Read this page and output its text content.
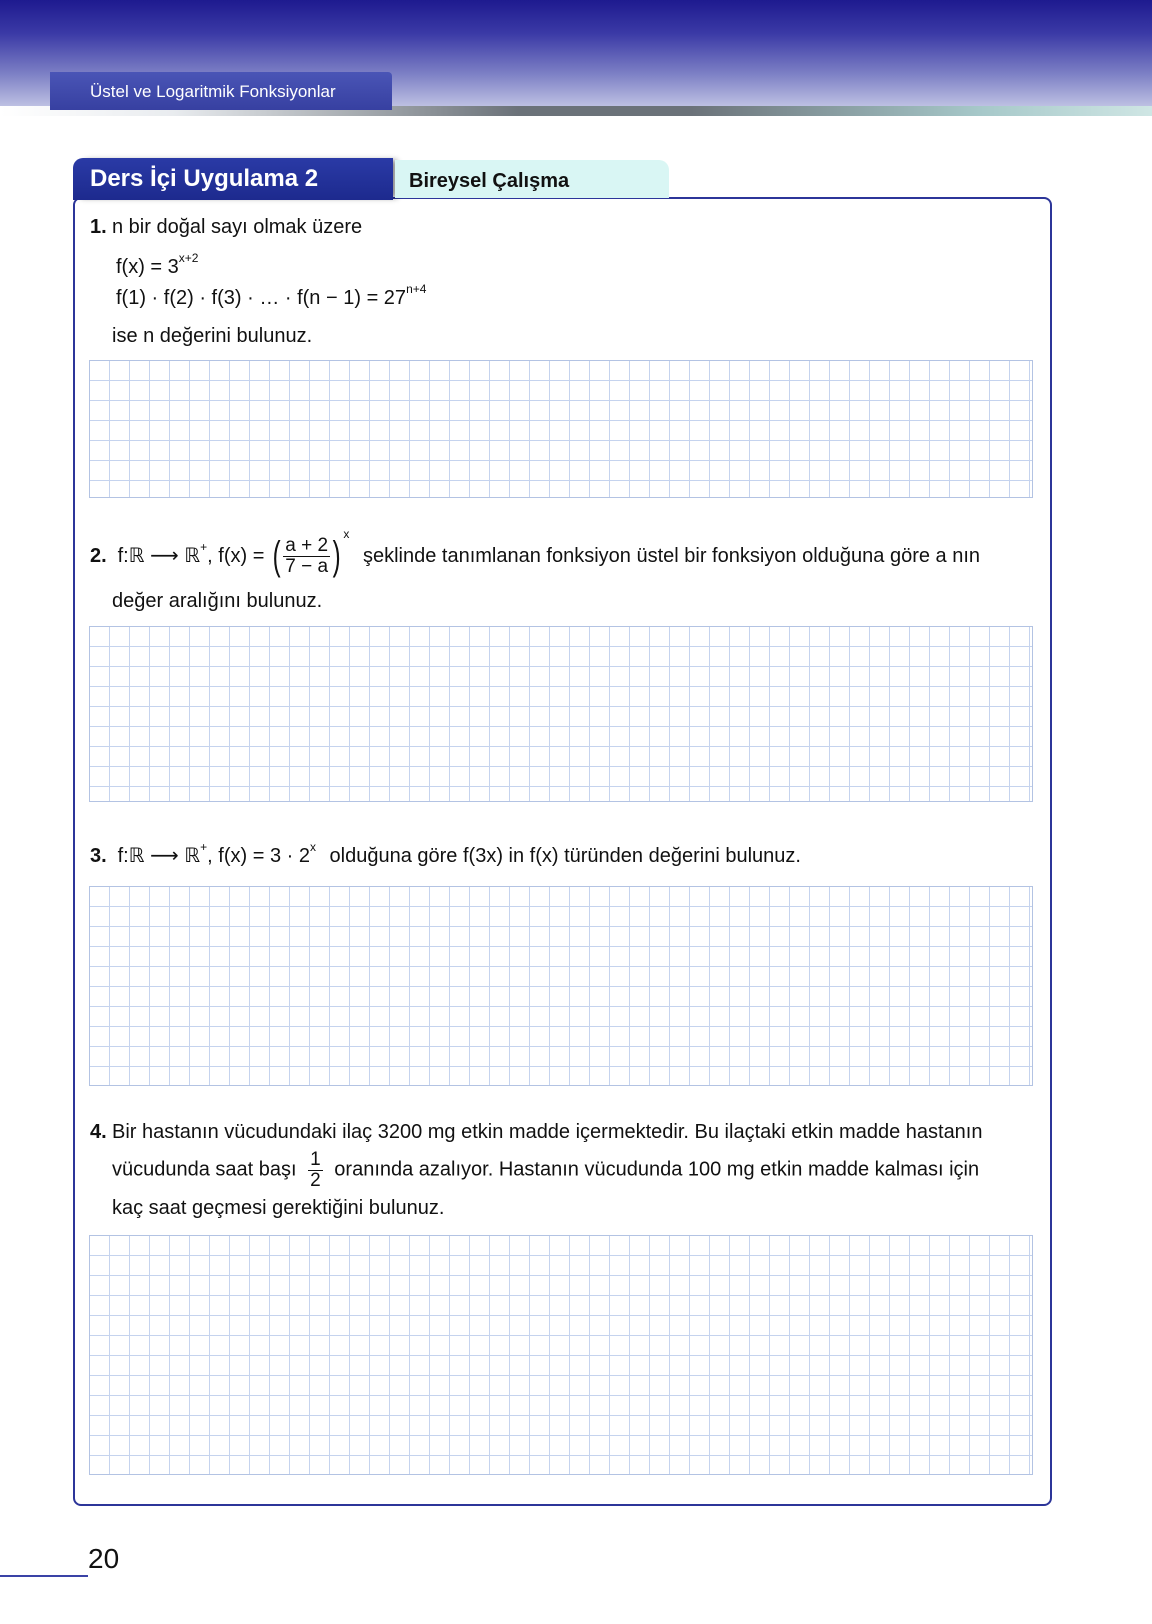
Üstel ve Logaritmik Fonksiyonlar
Ders İçi Uygulama 2	Bireysel Çalışma
1. n bir doğal sayı olmak üzere
$f(x) = 3^{x+2}$
f(1) · f(2) · f(3) · … · $f(n - 1) = 27^{n+4}$
ise n değerini bulunuz.
2. f:ℝ ⟶ ℝ+, f(x) = ( $\frac{a + 2}{7 - a} )^x$ şeklinde tanımlanan fonksiyon üstel bir fonksiyon olduğuna göre a nın
değer aralığını bulunuz.
3. f:ℝ ⟶ ℝ+, $f(x) = 3 \cdot 2^x$ olduğuna göre f(3x) in f(x) türünden değerini bulunuz.
4. Bir hastanın vücudundaki ilaç 3200 mg etkin madde içermektedir. Bu ilaçtaki etkin madde hastanın
vücudunda saat başı $\frac{1}{2}$ oranında azalıyor. Hastanın vücudunda 100 mg etkin madde kalması için
kaç saat geçmesi gerektiğini bulunuz.
20
